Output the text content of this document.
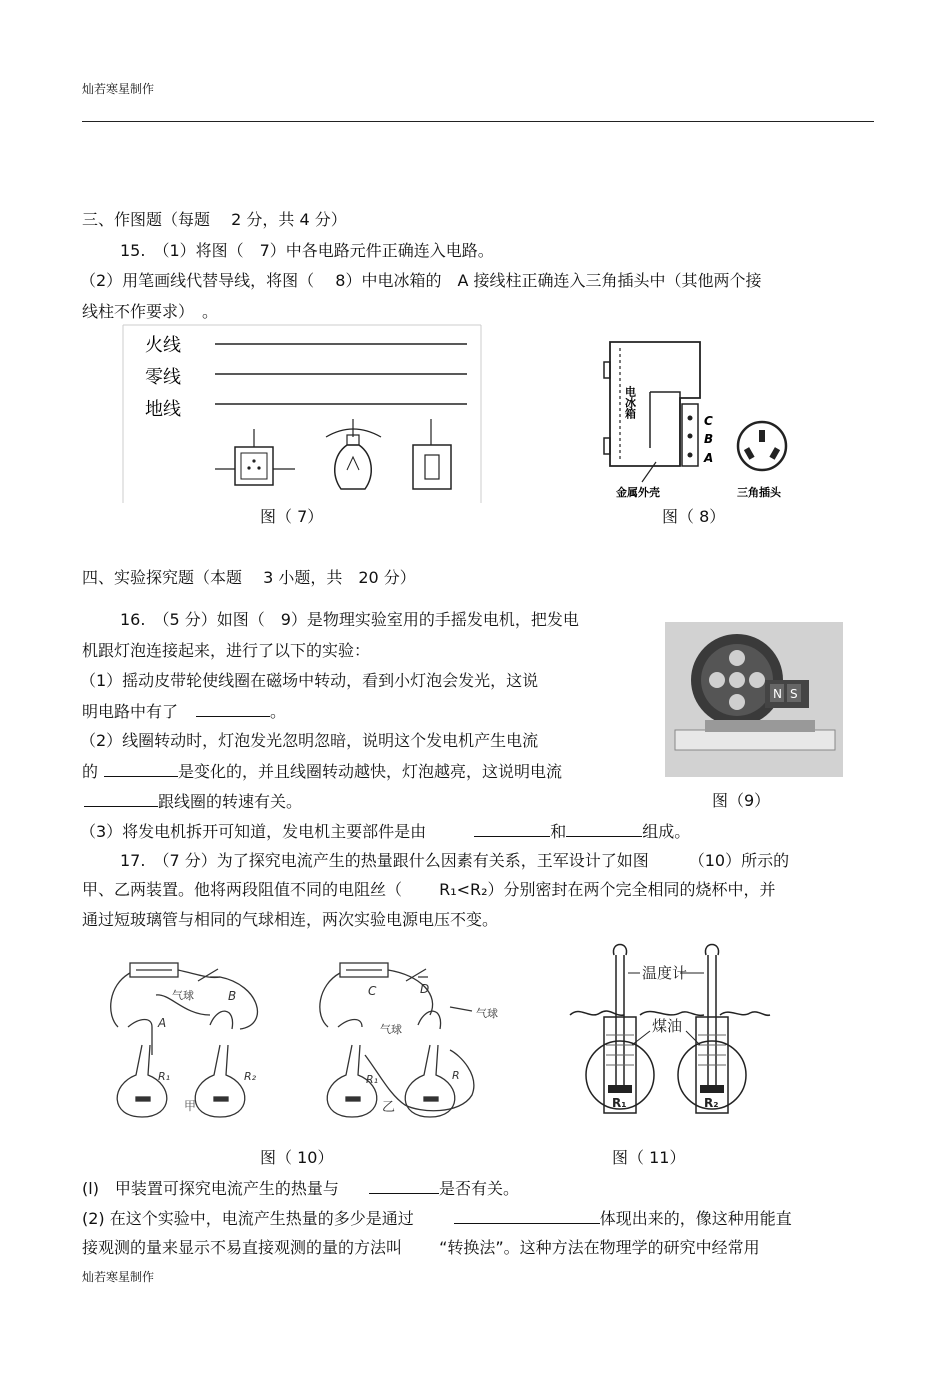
灿若寒星制作
三、作图题（每题　 2 分，共 4 分）
15.　（1）将图（　7）中各电路元件正确连入电路。
（2）用笔画线代替导线，将图（　 8）中电冰箱的　A 接线柱正确连入三角插头中（其他两个接
线柱不作要求）　。
火线
零线
地线
图（ 7）
电冰箱
C
B
A
金属外壳	三角插头
图（ 8）
四、实验探究题（本题　 3 小题，共　20 分）
16.　（5 分）如图（　9）是物理实验室用的手摇发电机，把发电
机跟灯泡连接起来，进行了以下的实验：
（1）摇动皮带轮使线圈在磁场中转动，看到小灯泡会发光，这说
明电路中有了	。
（2）线圈转动时，灯泡发光忽明忽暗，说明这个发电机产生电流
的	是变化的，并且线圈转动越快，灯泡越亮，这说明电流
跟线圈的转速有关。
（3）将发电机拆开可知道，发电机主要部件是由	和	组成。
N S
图（9）
17.　（7 分）为了探究电流产生的热量跟什么因素有关系，王军设计了如图　　　（10）所示的
甲、乙两装置。他将两段阻值不同的电阻丝（　　 R₁<R₂）分别密封在两个完全相同的烧杯中，并
通过短玻璃管与相同的气球相连，两次实验电源电压不变。
气球
A
B
R₁	R₂
甲
C	D
气球
气球
R₁	R
乙
图（ 10）
温度计
煤油
R₁	R₂
图（ 11）
(l)　甲装置可探究电流产生的热量与	是否有关。
(2) 在这个实验中，电流产生热量的多少是通过	体现出来的，像这种用能直
接观测的量来显示不易直接观测的量的方法叫　　 “转换法”。这种方法在物理学的研究中经常用
灿若寒星制作
